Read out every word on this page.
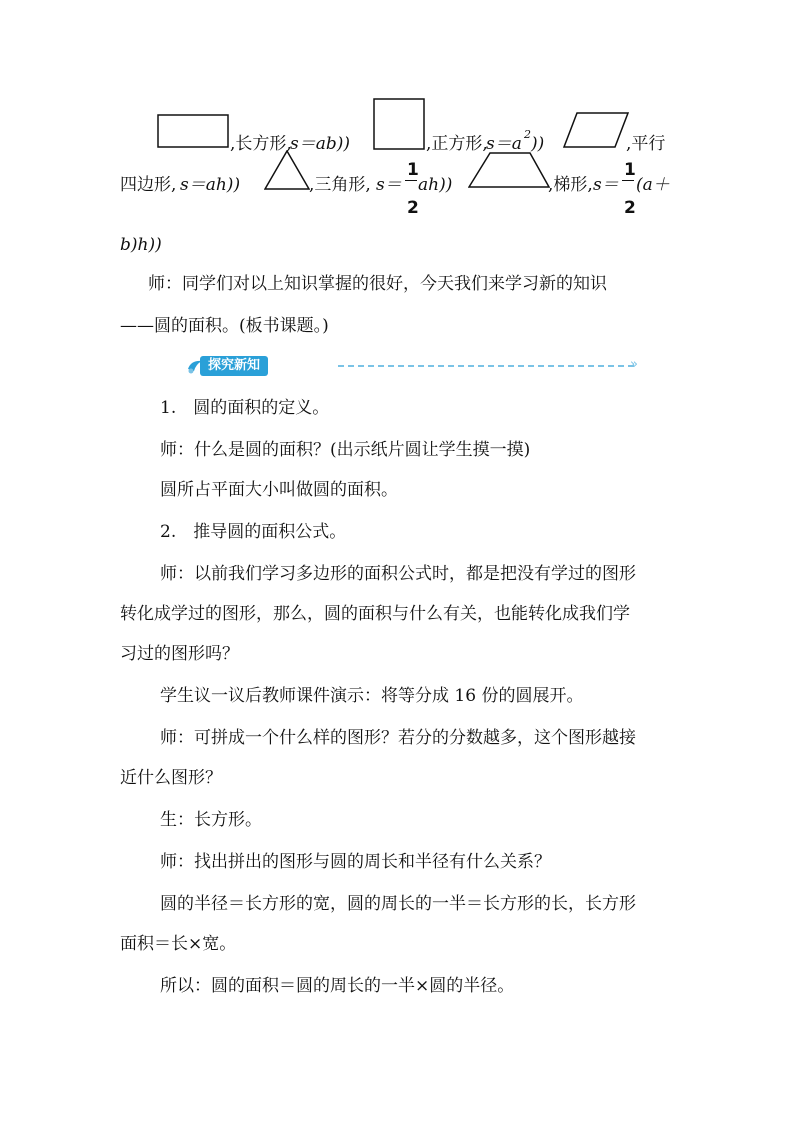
,长方形,
s＝ab))	,正方形,
s＝a 2 ))	,平行
四边形, s＝ah))	,三角形, s＝
1
2
ah))	,梯形, s＝
1
2
(a＋
b)h))
师：同学们对以上知识掌握的很好，今天我们来学习新的知识
——圆的面积。(板书课题。)
探究新知	»
1.　圆的面积的定义。
师：什么是圆的面积？(出示纸片圆让学生摸一摸)
圆所占平面大小叫做圆的面积。
2.　推导圆的面积公式。
师：以前我们学习多边形的面积公式时，都是把没有学过的图形
转化成学过的图形，那么，圆的面积与什么有关，也能转化成我们学
习过的图形吗？
学生议一议后教师课件演示：将等分成 16 份的圆展开。
师：可拼成一个什么样的图形？若分的分数越多，这个图形越接
近什么图形？
生：长方形。
师：找出拼出的图形与圆的周长和半径有什么关系？
圆的半径＝长方形的宽，圆的周长的一半＝长方形的长，长方形
面积＝长×宽。
所以：圆的面积＝圆的周长的一半×圆的半径。
